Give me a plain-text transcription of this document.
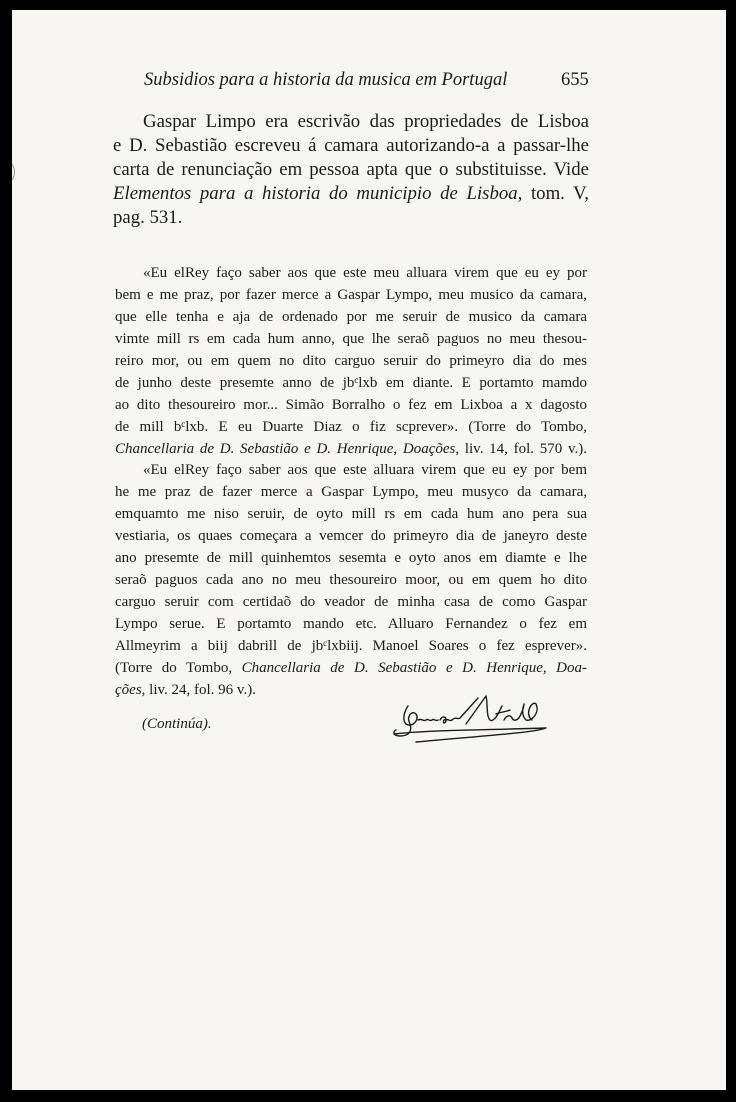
Subsidios para a historia da musica em Portugal	655
Gaspar Limpo era escrivão das propriedades de Lisboa
e D. Sebastião escreveu á camara autorizando-a a passar-lhe
carta de renunciação em pessoa apta que o substituisse. Vide
Elementos para a historia do municipio de Lisboa, tom. V,
pag. 531.
«Eu elRey faço saber aos que este meu alluara virem que eu ey por
bem e me praz, por fazer merce a Gaspar Lympo, meu musico da camara,
que elle tenha e aja de ordenado por me seruir de musico da camara
vimte mill rs em cada hum anno, que lhe seraõ paguos no meu thesou-
reiro mor, ou em quem no dito carguo seruir do primeyro dia do mes
de junho deste presemte anno de jbᶜlxb em diante. E portamto mamdo
ao dito thesoureiro mor... Simão Borralho o fez em Lixboa a x dagosto
de mill bᶜlxb. E eu Duarte Diaz o fiz scprever». (Torre do Tombo,
Chancellaria de D. Sebastião e D. Henrique, Doações, liv. 14, fol. 570 v.).
«Eu elRey faço saber aos que este alluara virem que eu ey por bem
he me praz de fazer merce a Gaspar Lympo, meu musyco da camara,
emquamto me niso seruir, de oyto mill rs em cada hum ano pera sua
vestiaria, os quaes começara a vemcer do primeyro dia de janeyro deste
ano presemte de mill quinhemtos sesemta e oyto anos em diamte e lhe
seraõ paguos cada ano no meu thesoureiro moor, ou em quem ho dito
carguo seruir com certidaõ do veador de minha casa de como Gaspar
Lympo serue. E portamto mando etc. Alluaro Fernandez o fez em
Allmeyrim a biij dabrill de jbᶜlxbiij. Manoel Soares o fez esprever».
(Torre do Tombo, Chancellaria de D. Sebastião e D. Henrique, Doa-
ções, liv. 24, fol. 96 v.).
(Continúa).
